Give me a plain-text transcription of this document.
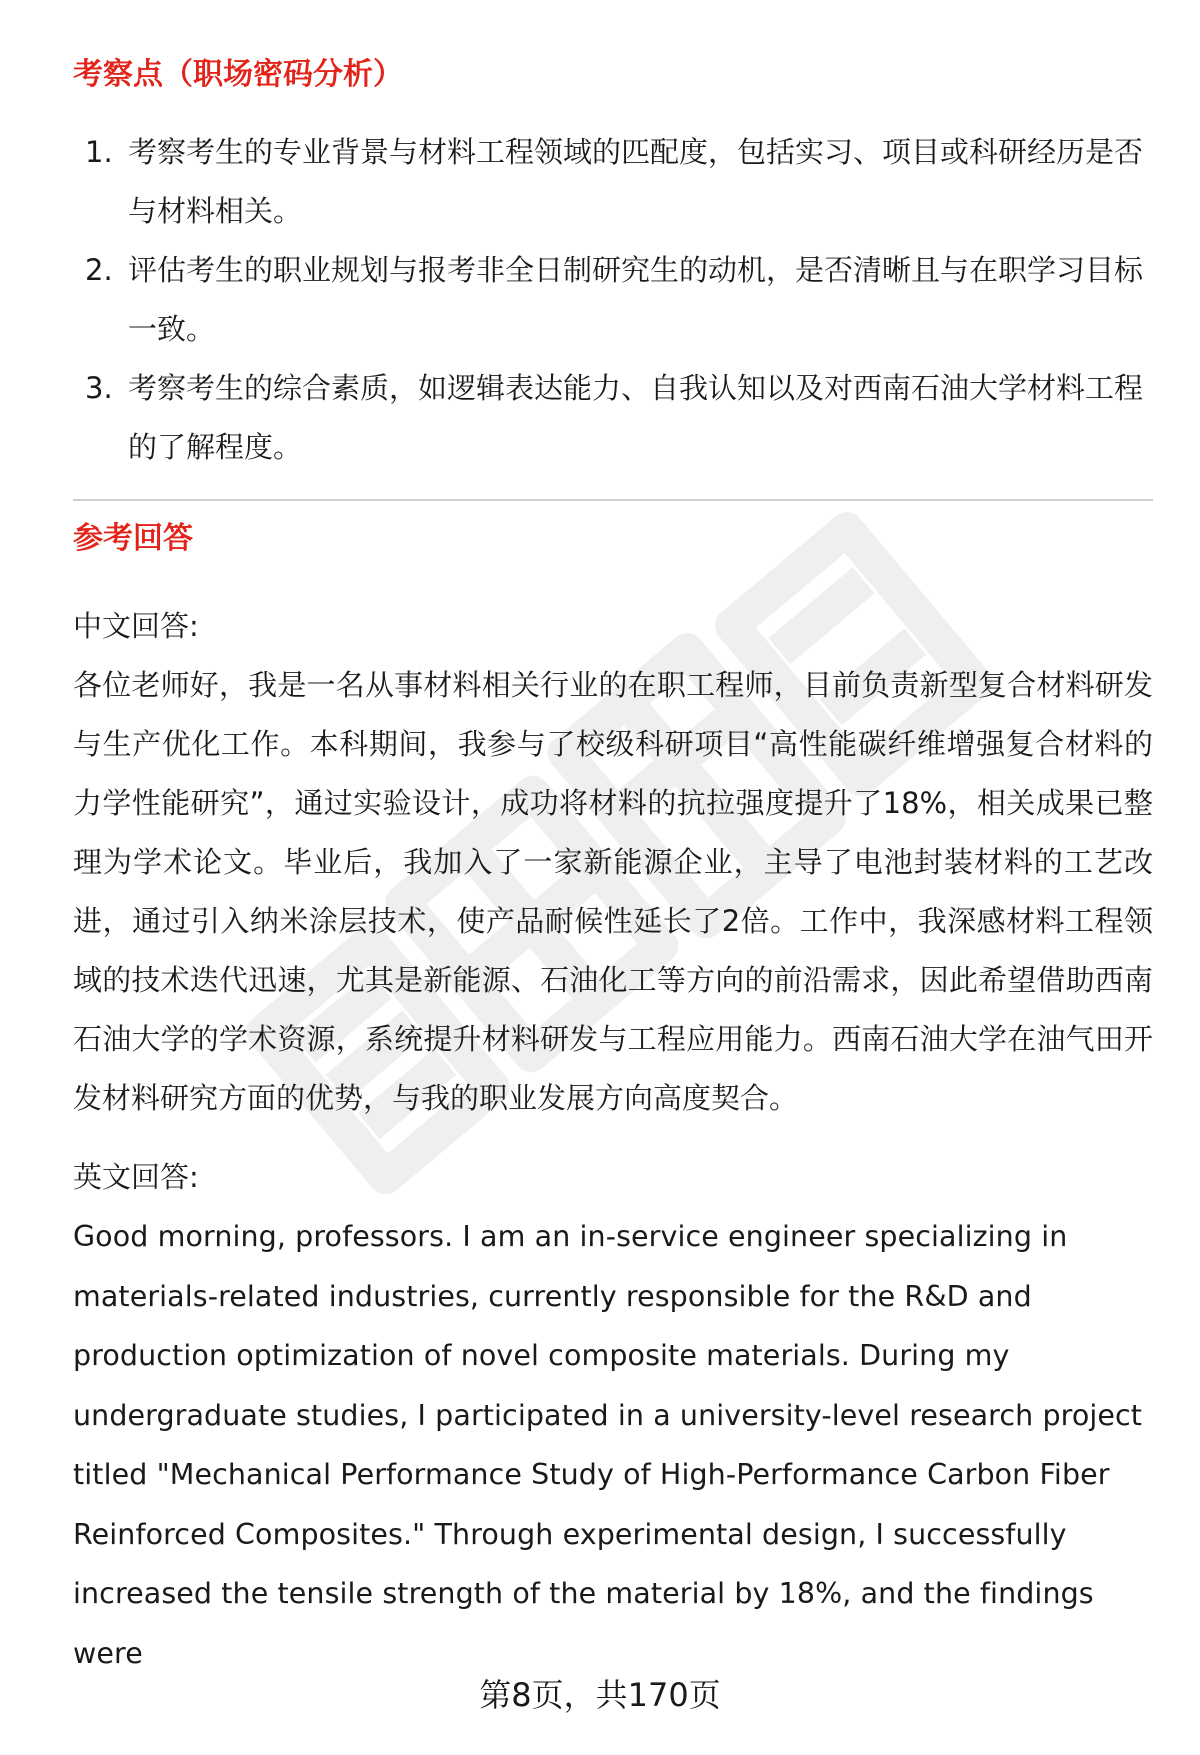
考察点（职场密码分析）
1. 考察考生的专业背景与材料工程领域的匹配度，包括实习、项目或科研经历是否与材料相关。
2. 评估考生的职业规划与报考非全日制研究生的动机，是否清晰且与在职学习目标一致。
3. 考察考生的综合素质，如逻辑表达能力、自我认知以及对西南石油大学材料工程的了解程度。
参考回答

中文回答:

各位老师好，我是一名从事材料相关行业的在职工程师，目前负责新型复合材料研发与生产优化工作。本科期间，我参与了校级科研项目“高性能碳纤维增强复合材料的力学性能研究”，通过实验设计，成功将材料的抗拉强度提升了18%，相关成果已整理为学术论文。毕业后，我加入了一家新能源企业，主导了电池封装材料的工艺改进，通过引入纳米涂层技术，使产品耐候性延长了2倍。工作中，我深感材料工程领域的技术迭代迅速，尤其是新能源、石油化工等方向的前沿需求，因此希望借助西南石油大学的学术资源，系统提升材料研发与工程应用能力。西南石油大学在油气田开发材料研究方面的优势，与我的职业发展方向高度契合。

英文回答:

Good morning, professors. I am an in-service engineer specializing in

materials-related industries, currently responsible for the R&D and

production optimization of novel composite materials. During my

undergraduate studies, I participated in a university-level research project

titled "Mechanical Performance Study of High-Performance Carbon Fiber

Reinforced Composites." Through experimental design, I successfully

increased the tensile strength of the material by 18%, and the findings were

第8页，共170页
